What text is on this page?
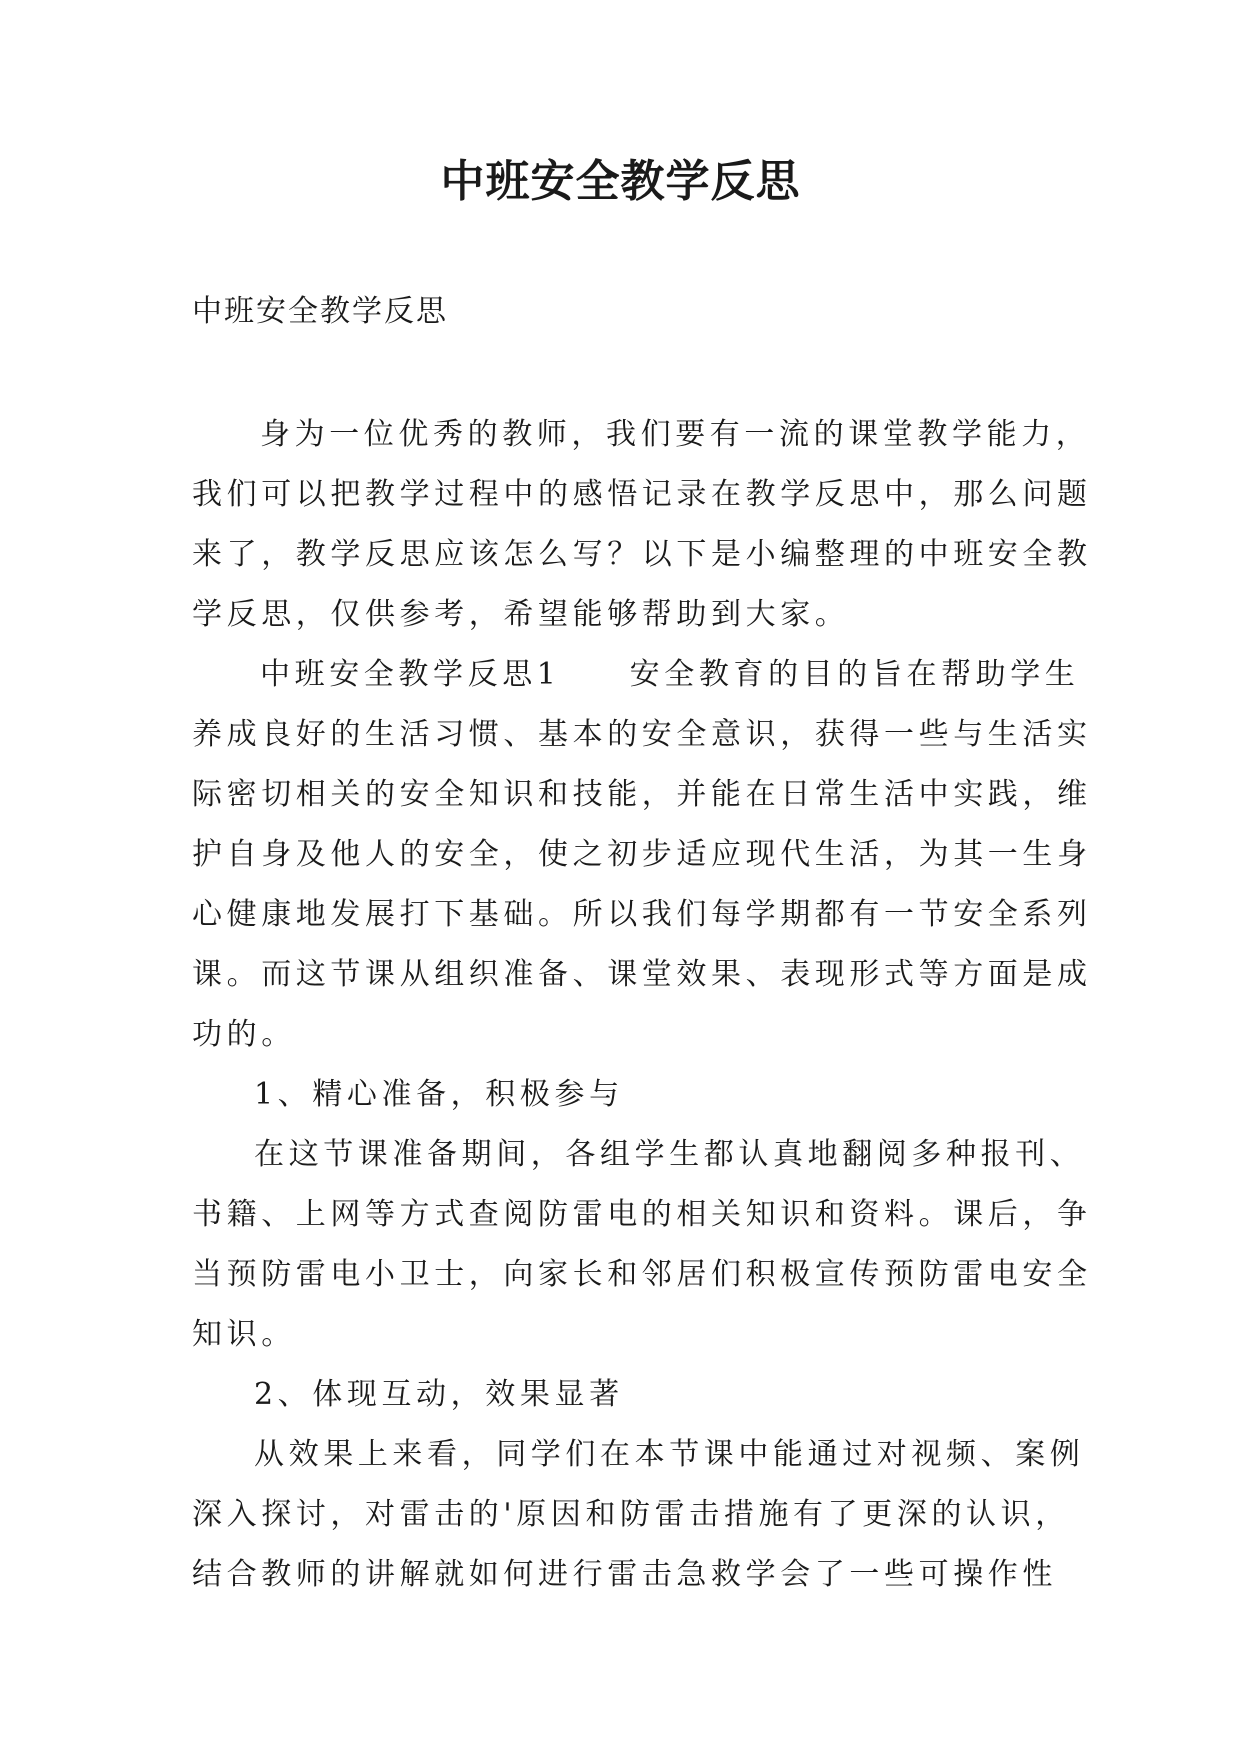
中班安全教学反思

中班安全教学反思

身为一位优秀的教师，我们要有一流的课堂教学能力，
我们可以把教学过程中的感悟记录在教学反思中，那么问题
来了，教学反思应该怎么写？以下是小编整理的中班安全教
学反思，仅供参考，希望能够帮助到大家。
中班安全教学反思1　　安全教育的目的旨在帮助学生
养成良好的生活习惯、基本的安全意识，获得一些与生活实
际密切相关的安全知识和技能，并能在日常生活中实践，维
护自身及他人的安全，使之初步适应现代生活，为其一生身
心健康地发展打下基础。所以我们每学期都有一节安全系列
课。而这节课从组织准备、课堂效果、表现形式等方面是成
功的。
1、精心准备，积极参与
在这节课准备期间，各组学生都认真地翻阅多种报刊、
书籍、上网等方式查阅防雷电的相关知识和资料。课后，争
当预防雷电小卫士，向家长和邻居们积极宣传预防雷电安全
知识。
2、体现互动，效果显著
从效果上来看，同学们在本节课中能通过对视频、案例
深入探讨，对雷击的'原因和防雷击措施有了更深的认识，
结合教师的讲解就如何进行雷击急救学会了一些可操作性
